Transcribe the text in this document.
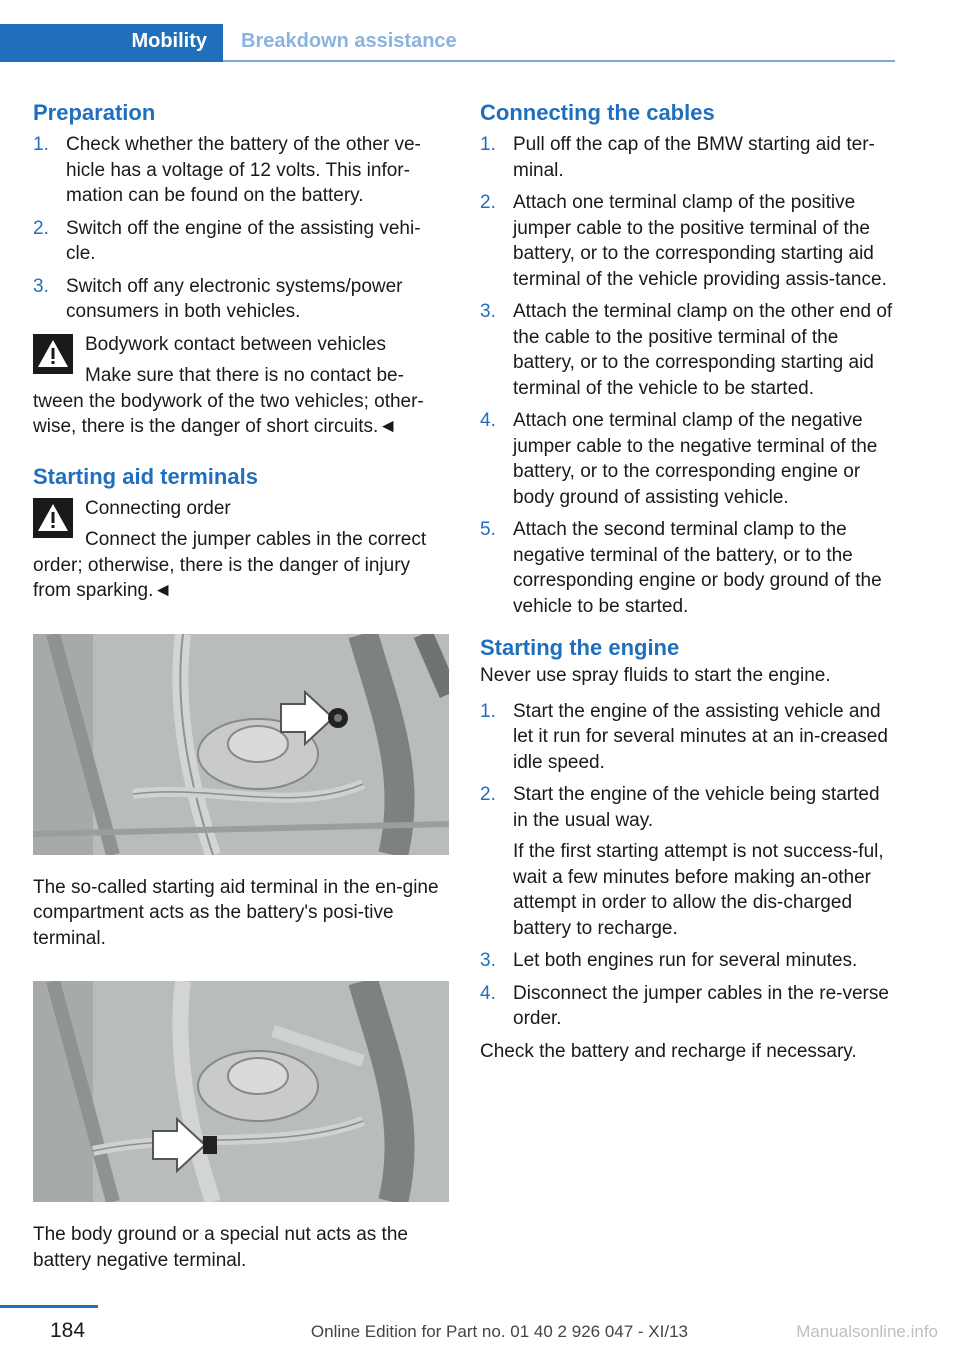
Mobility	Breakdown assistance
Preparation
1. Check whether the battery of the other ve-hicle has a voltage of 12 volts. This infor-mation can be found on the battery.
2. Switch off the engine of the assisting vehi-cle.
3. Switch off any electronic systems/power consumers in both vehicles.

Bodywork contact between vehicles

Make sure that there is no contact be-tween the bodywork of the two vehicles; other-wise, there is the danger of short circuits.◄

Starting aid terminals

Connecting order

Connect the jumper cables in the correct order; otherwise, there is the danger of injury from sparking.◄

The so-called starting aid terminal in the en-gine compartment acts as the battery's posi-tive terminal.

The body ground or a special nut acts as the battery negative terminal.

Connecting the cables
1. Pull off the cap of the BMW starting aid ter-minal.
2. Attach one terminal clamp of the positive jumper cable to the positive terminal of the battery, or to the corresponding starting aid terminal of the vehicle providing assis-tance.
3. Attach the terminal clamp on the other end of the cable to the positive terminal of the battery, or to the corresponding starting aid terminal of the vehicle to be started.
4. Attach one terminal clamp of the negative jumper cable to the negative terminal of the battery, or to the corresponding engine or body ground of assisting vehicle.
5. Attach the second terminal clamp to the negative terminal of the battery, or to the corresponding engine or body ground of the vehicle to be started.
Starting the engine

Never use spray fluids to start the engine.

1. Start the engine of the assisting vehicle and let it run for several minutes at an in-creased idle speed.
2. Start the engine of the vehicle being started in the usual way.
If the first starting attempt is not success-ful, wait a few minutes before making an-other attempt in order to allow the dis-charged battery to recharge.
3. Let both engines run for several minutes.
4. Disconnect the jumper cables in the re-verse order.

Check the battery and recharge if necessary.

184	Online Edition for Part no. 01 40 2 926 047 - XI/13	Manualsonline.info
